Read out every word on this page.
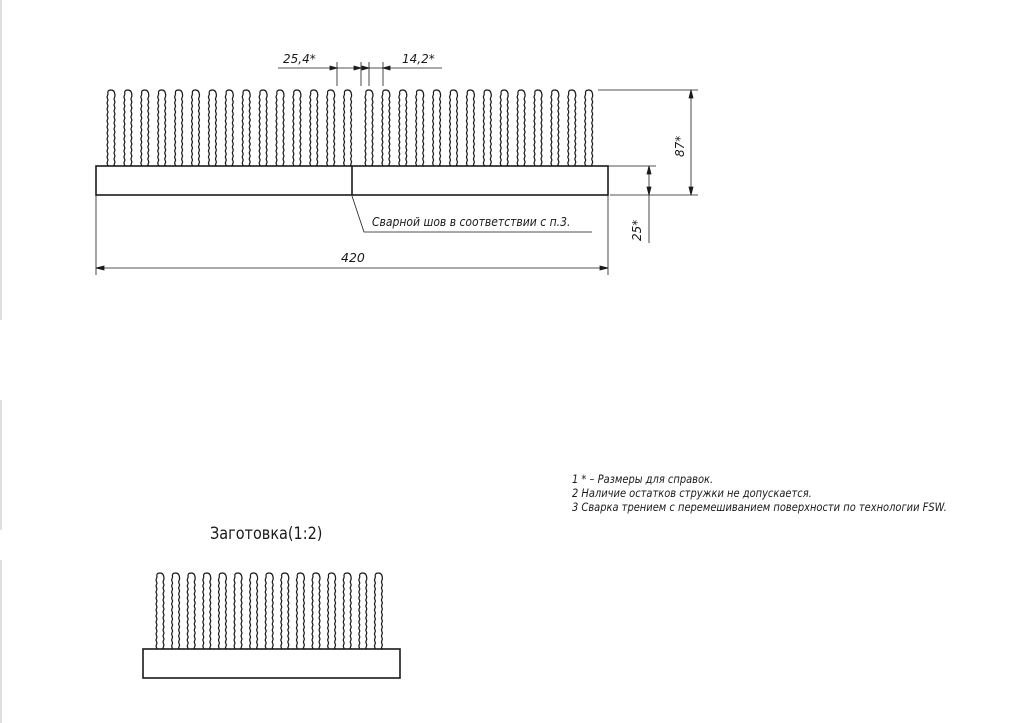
25,4*	14,2*
87*
25*
420
Сварной шов в соответствии с п.3.
Заготовка(1:2)
1 * – Размеры для справок.
2 Наличие остатков стружки не допускается.
3 Сварка трением с перемешиванием поверхности по технологии FSW.
